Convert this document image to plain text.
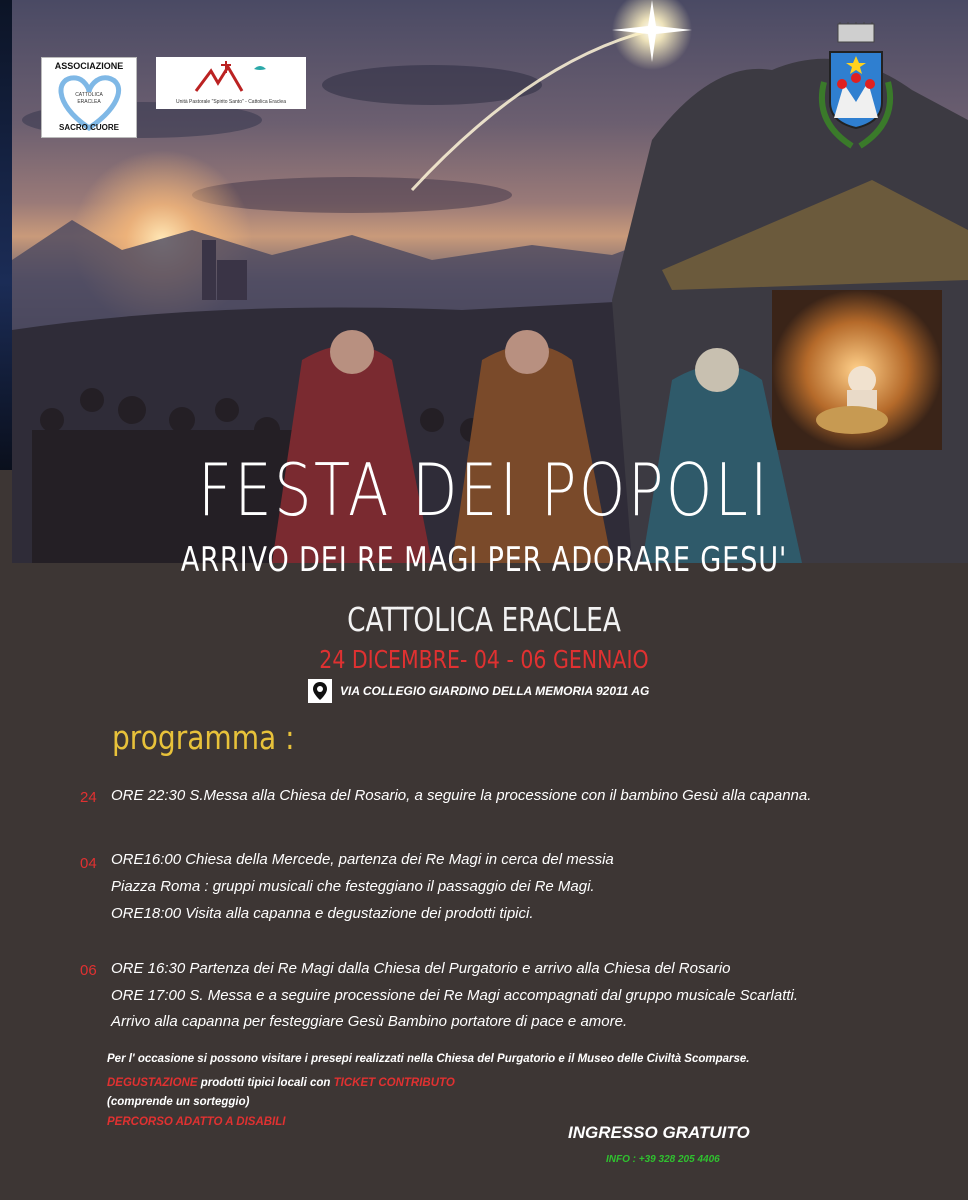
ASSOCIAZIONE
CATTOLICA
ERACLEA
SACRO CUORE
Unità Pastorale "Spirito Santo" - Cattolica Eraclea
FESTA DEI POPOLI
ARRIVO DEI RE MAGI PER ADORARE GESU'
CATTOLICA ERACLEA
24 DICEMBRE- 04 - 06 GENNAIO
VIA COLLEGIO GIARDINO DELLA MEMORIA 92011 AG
programma :
24 ORE 22:30 S.Messa alla Chiesa del Rosario, a seguire la processione con il bambino Gesù alla capanna.
04 ORE16:00 Chiesa della Mercede, partenza dei Re Magi in cerca del messia
Piazza Roma : gruppi musicali che festeggiano il passaggio dei Re Magi.
ORE18:00 Visita alla capanna e degustazione dei prodotti tipici.
06 ORE 16:30 Partenza dei Re Magi dalla Chiesa del Purgatorio e arrivo alla Chiesa del Rosario
ORE 17:00 S. Messa e a seguire processione dei Re Magi accompagnati dal gruppo musicale Scarlatti.
Arrivo alla capanna per festeggiare Gesù Bambino portatore di pace e amore.
Per l' occasione si possono visitare i presepi realizzati nella Chiesa del Purgatorio e il Museo delle Civiltà Scomparse.
DEGUSTAZIONE prodotti tipici locali con TICKET CONTRIBUTO
(comprende un sorteggio)
PERCORSO ADATTO A DISABILI
INGRESSO GRATUITO
INFO : +39 328 205 4406
